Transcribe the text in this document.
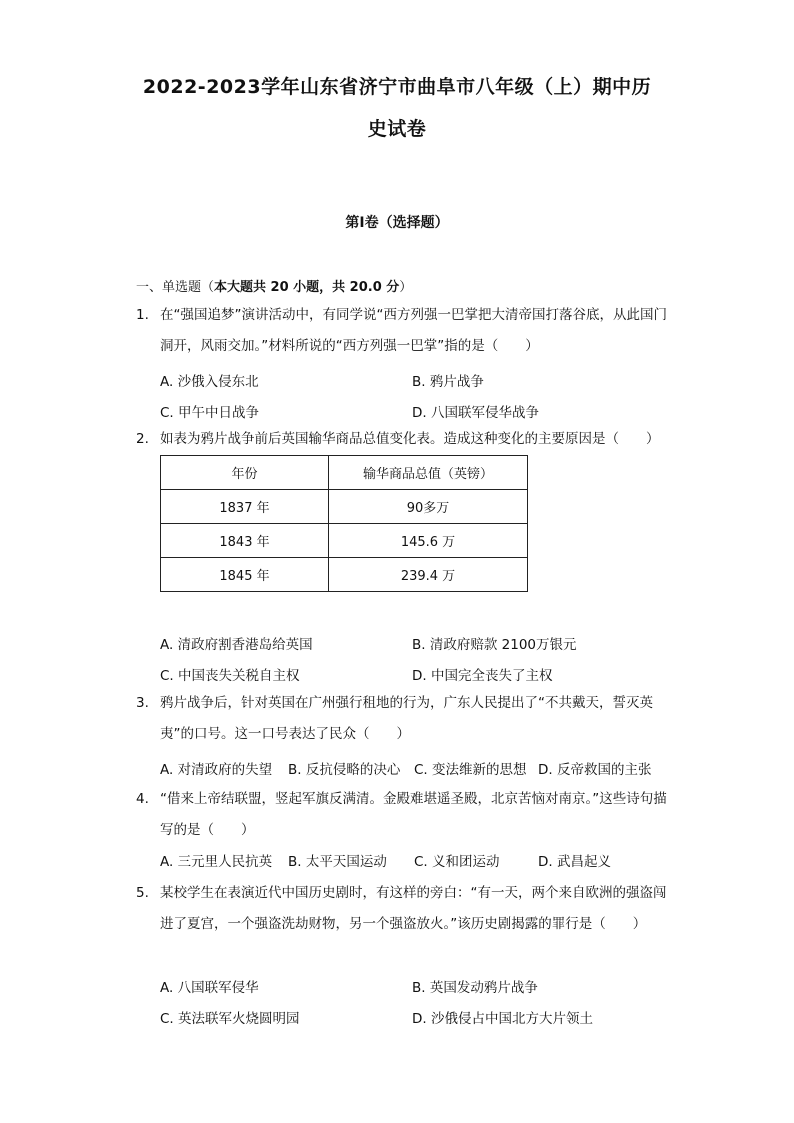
2022-2023学年山东省济宁市曲阜市八年级（上）期中历
史试卷
第I卷（选择题）
一、单选题（本大题共 20 小题，共 20.0 分）
1. 在“强国追梦”演讲活动中，有同学说“西方列强一巴掌把大清帝国打落谷底，从此国门洞开，风雨交加。”材料所说的“西方列强一巴掌”指的是（　　）
A. 沙俄入侵东北	B. 鸦片战争
C. 甲午中日战争	D. 八国联军侵华战争
2. 如表为鸦片战争前后英国输华商品总值变化表。造成这种变化的主要原因是（　　）
年份	输华商品总值（英镑）
1837 年	90多万
1843 年	145.6 万
1845 年	239.4 万
A. 清政府割香港岛给英国	B. 清政府赔款 2100万银元
C. 中国丧失关税自主权	D. 中国完全丧失了主权
3. 鸦片战争后，针对英国在广州强行租地的行为，广东人民提出了“不共戴天，誓灭英夷”的口号。这一口号表达了民众（　　）
A. 对清政府的失望 B. 反抗侵略的决心 C. 变法维新的思想 D. 反帝救国的主张
4. “借来上帝结联盟，竖起军旗反满清。金殿难堪遥圣殿，北京苦恼对南京。”这些诗句描写的是（　　）
A. 三元里人民抗英 B. 太平天国运动 C. 义和团运动	D. 武昌起义
5. 某校学生在表演近代中国历史剧时，有这样的旁白：“有一天，两个来自欧洲的强盗闯进了夏宫，一个强盗洗劫财物，另一个强盗放火。”该历史剧揭露的罪行是（　　）
A. 八国联军侵华	B. 英国发动鸦片战争
C. 英法联军火烧圆明园	D. 沙俄侵占中国北方大片领土
